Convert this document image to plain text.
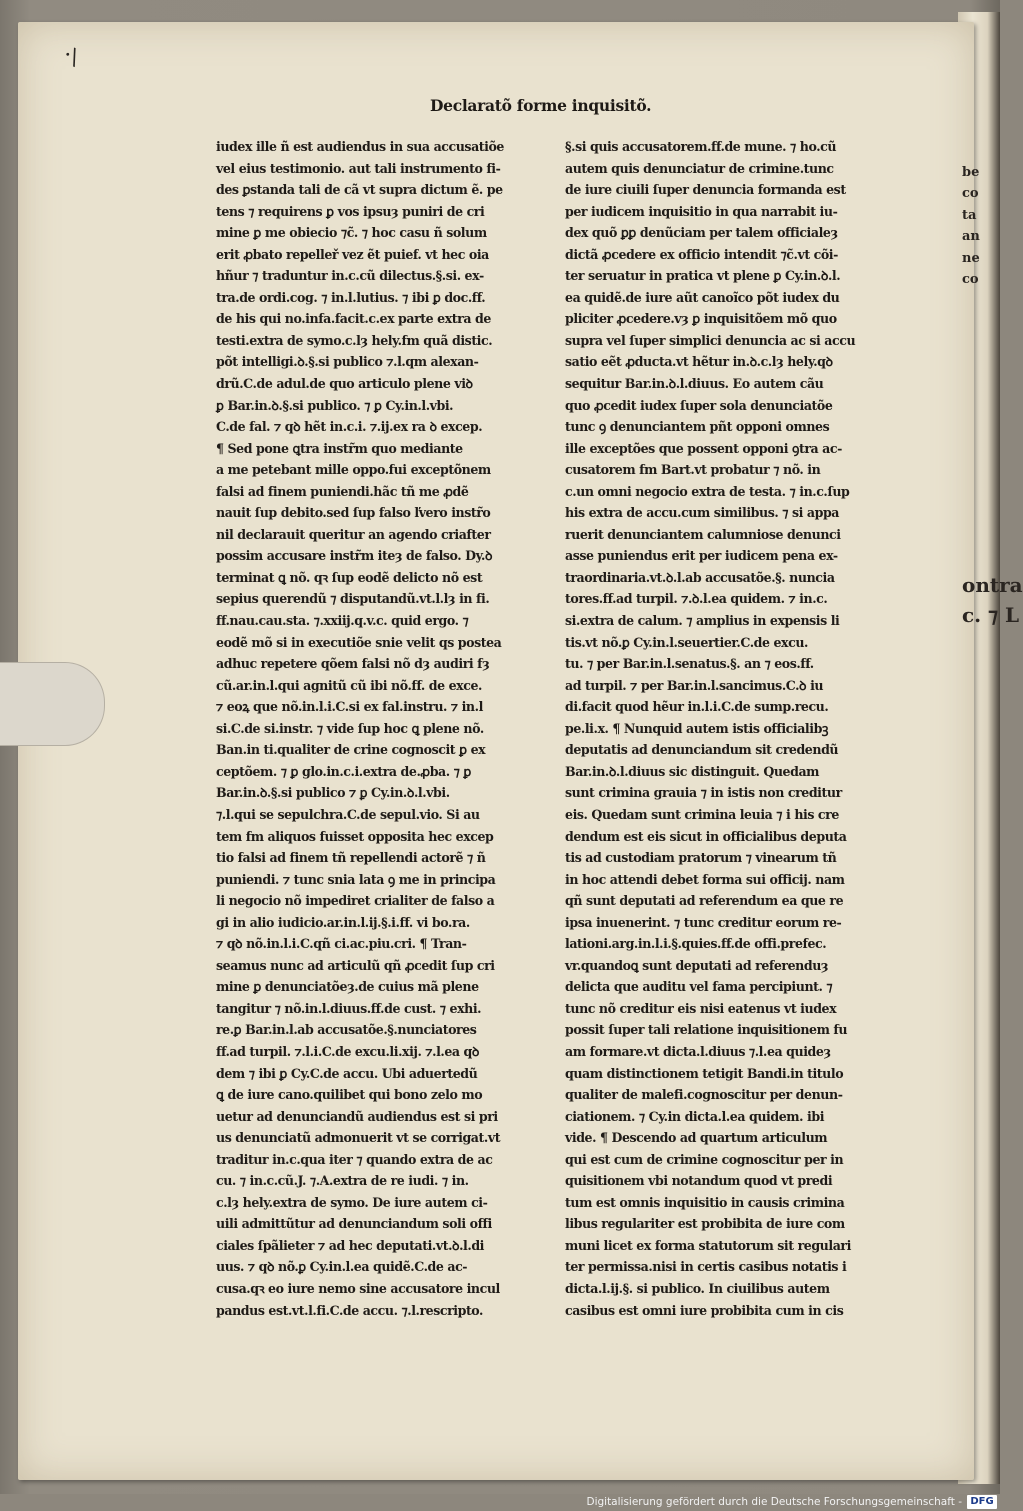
·\
Declaratõ forme inquisitõ.
iudex ille ñ est audiendus in sua accusatiõe
vel eius testimonio. aut tali instrumento fi-
des ꝑstanda tali de cã vt supra dictum ẽ. pe
tens ⁊ requirens ꝑ vos ipsuȝ puniri de cri
mine ꝑ me obiecio ⁊c̃. ⁊ hoc casu ñ solum
erit ꝓbato repelleř vez ẽt puief. vt hec oia
hñur ⁊ traduntur in.c.cũ dilectus.§.si. ex-
tra.de ordi.cog. ⁊ in.l.lutius. ⁊ ibi ꝑ doc.ff.
de his qui no.infa.facit.c.ex parte extra de
testi.extra de symo.c.lȝ hely.fm quã distic.
põt intelligi.ꝺ.§.si publico ⁊.l.qm alexan-
drũ.C.de adul.de quo articulo plene viꝺ
ꝑ Bar.in.ꝺ.§.si publico. ⁊ ꝑ Cy.in.l.vbi.
C.de fal. ⁊ qꝺ hẽt in.c.i. ⁊.ij.ex ra ꝺ excep.
¶ Sed pone ꝗtra instr̃m quo mediante
a me petebant mille oppo.fui exceptõnem
falsi ad finem puniendi.hãc tñ me ꝓdẽ
nauit ſup debito.sed ſup falso ľvero instr̃o
nil declarauit queritur an agendo criafter
possim accusare instr̃m iteȝ de falso. Dy.ꝺ
terminat ꝗ nõ. qꝛ ſup eodẽ delicto nõ est
sepius querendũ ⁊ disputandũ.vt.l.lȝ in fi.
ff.nau.cau.sta. ⁊.xxiij.q.v.c. quid ergo. ⁊
eodẽ mõ si in executiõe snie velit qs postea
adhuc repetere qõem falsi nõ dȝ audiri fȝ
cũ.ar.in.l.qui agnitũ cũ ibi nõ.ff. de exce.
⁊ eoꝝ que nõ.in.l.i.C.si ex fal.instru. ⁊ in.l
si.C.de si.instr. ⁊ vide ſup hoc ꝗ plene nõ.
Ban.in ti.qualiter de crine cognoscit ꝑ ex
ceptõem. ⁊ ꝑ glo.in.c.i.extra de.ꝓba. ⁊ ꝑ
Bar.in.ꝺ.§.si publico ⁊ ꝑ Cy.in.ꝺ.l.vbi.
⁊.l.qui se sepulchra.C.de sepul.vio. Si au
tem fm aliquos fuisset opposita hec excep
tio falsi ad finem tñ repellendi actorẽ ⁊ ñ
puniendi. ⁊ tunc snia lata ꝯ me in principa
li negocio nõ impediret crialiter de falso a
gi in alio iudicio.ar.in.l.ij.§.i.ff. vi bo.ra.
⁊ qꝺ nõ.in.l.i.C.qñ ci.ac.piu.cri. ¶ Tran-
seamus nunc ad articulũ qñ ꝓcedit ſup cri
mine ꝑ denunciatõeȝ.de cuius mã plene
tangitur ⁊ nõ.in.l.diuus.ff.de cust. ⁊ exhi.
re.ꝑ Bar.in.l.ab accusatõe.§.nunciatores
ff.ad turpil. ⁊.l.i.C.de excu.li.xij. ⁊.l.ea qꝺ
dem ⁊ ibi ꝑ Cy.C.de accu. Ubi aduertedũ
ꝗ de iure cano.quilibet qui bono zelo mo
uetur ad denunciandũ audiendus est si pri
us denunciatũ admonuerit vt se corrigat.vt
traditur in.c.qua iter ⁊ quando extra de ac
cu. ⁊ in.c.cũ.J. ⁊.A.extra de re iudi. ⁊ in.
c.lȝ hely.extra de symo. De iure autem ci-
uili admittũtur ad denunciandum soli offi
ciales ſpãlieter ⁊ ad hec deputati.vt.ꝺ.l.di
uus. ⁊ qꝺ nõ.ꝑ Cy.in.l.ea quidẽ.C.de ac-
cusa.qꝛ eo iure nemo sine accusatore incul
pandus est.vt.l.fi.C.de accu. ⁊.l.rescripto.
§.si quis accusatorem.ff.de mune. ⁊ ho.cũ
autem quis denunciatur de crimine.tunc
de iure ciuili ſuper denuncia formanda est
per iudicem inquisitio in qua narrabit iu-
dex quõ ꝑꝑ denũciam per talem officialeȝ
dictã ꝓcedere ex officio intendit ⁊c̃.vt cõi-
ter seruatur in pratica vt plene ꝑ Cy.in.ꝺ.l.
ea quidẽ.de iure aũt canoĩco põt iudex du
pliciter ꝓcedere.vȝ ꝑ inquisitõem mõ quo
supra vel ſuper simplici denuncia ac si accu
satio eẽt ꝓducta.vt hẽtur in.ꝺ.c.lȝ hely.qꝺ
sequitur Bar.in.ꝺ.l.diuus. Eo autem cãu
quo ꝓcedit iudex ſuper sola denunciatõe
tunc ꝯ denunciantem pñt opponi omnes
ille exceptões que possent opponi ꝯtra ac-
cusatorem fm Bart.vt probatur ⁊ nõ. in
c.un omni negocio extra de testa. ⁊ in.c.ſup
his extra de accu.cum similibus. ⁊ si appa
ruerit denunciantem calumniose denunci
asse puniendus erit per iudicem pena ex-
traordinaria.vt.ꝺ.l.ab accusatõe.§. nuncia
tores.ff.ad turpil. ⁊.ꝺ.l.ea quidem. ⁊ in.c.
si.extra de calum. ⁊ amplius in expensis li
tis.vt nõ.ꝑ Cy.in.l.seuertier.C.de excu.
tu. ⁊ per Bar.in.l.senatus.§. an ⁊ eos.ff.
ad turpil. ⁊ per Bar.in.l.sancimus.C.ꝺ iu
di.facit quod hẽur in.l.i.C.de sump.recu.
pe.li.x. ¶ Nunquid autem istis officialibꝫ
deputatis ad denunciandum sit credendũ
Bar.in.ꝺ.l.diuus sic distinguit. Quedam
sunt crimina grauia ⁊ in istis non creditur
eis. Quedam sunt crimina leuia ⁊ i his cre
dendum est eis sicut in officialibus deputa
tis ad custodiam pratorum ⁊ vinearum tñ
in hoc attendi debet forma sui officij. nam
qñ sunt deputati ad referendum ea que re
ipsa inuenerint. ⁊ tunc creditur eorum re-
lationi.arg.in.l.i.§.quies.ff.de offi.prefec.
vr.quandoꝗ sunt deputati ad referenduȝ
delicta que auditu vel fama percipiunt. ⁊
tunc nõ creditur eis nisi eatenus vt iudex
possit ſuper tali relatione inquisitionem fu
am formare.vt dicta.l.diuus ⁊.l.ea quideȝ
quam distinctionem tetigit Bandi.in titulo
qualiter de malefi.cognoscitur per denun-
ciationem. ⁊ Cy.in dicta.l.ea quidem. ibi
vide. ¶ Descendo ad quartum articulum
qui est cum de crimine cognoscitur per in
quisitionem vbi notandum quod vt predi
tum est omnis inquisitio in causis crimina
libus regulariter est probibita de iure com
muni licet ex forma statutorum sit regulari
ter permissa.nisi in certis casibus notatis i
dicta.l.ij.§. si publico. In ciuilibus autem
casibus est omni iure probibita cum in cis
be
co
ta
an
ne
co
ontra
c. ⁊ L
Digitalisierung gefördert durch die Deutsche Forschungsgemeinschaft - DFG
